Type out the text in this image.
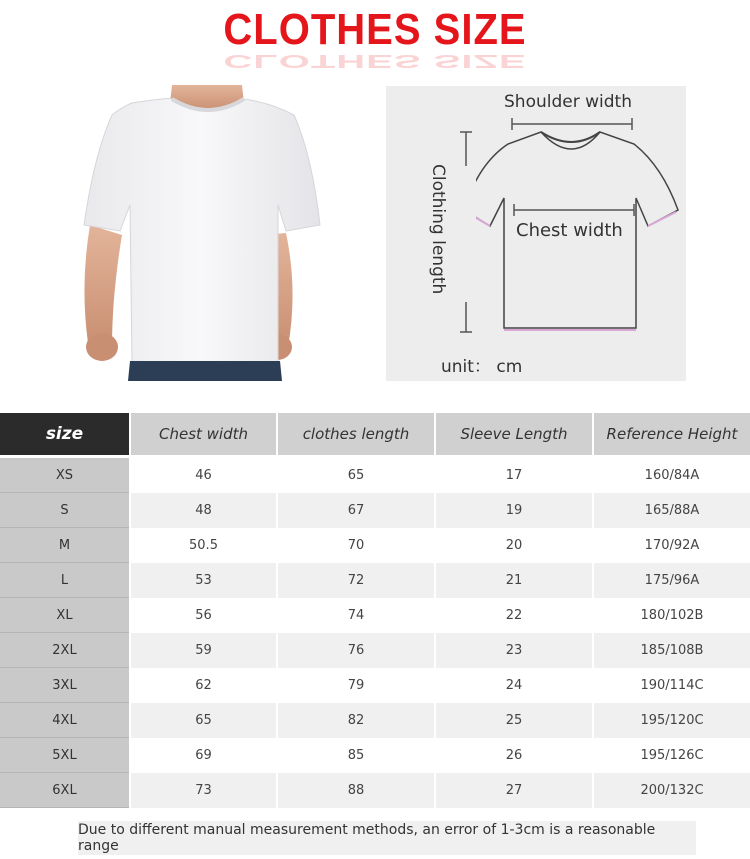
CLOTHES SIZE
CLOTHES SIZE
Shoulder width
Chest width
Clothing length
unit： cm
size	Chest width	clothes length	Sleeve Length	Reference Height
XS	46	65	17	160/84A
S	48	67	19	165/88A
M	50.5	70	20	170/92A
L	53	72	21	175/96A
XL	56	74	22	180/102B
2XL	59	76	23	185/108B
3XL	62	79	24	190/114C
4XL	65	82	25	195/120C
5XL	69	85	26	195/126C
6XL	73	88	27	200/132C
Due to different manual measurement methods, an error of 1-3cm is a reasonable range
